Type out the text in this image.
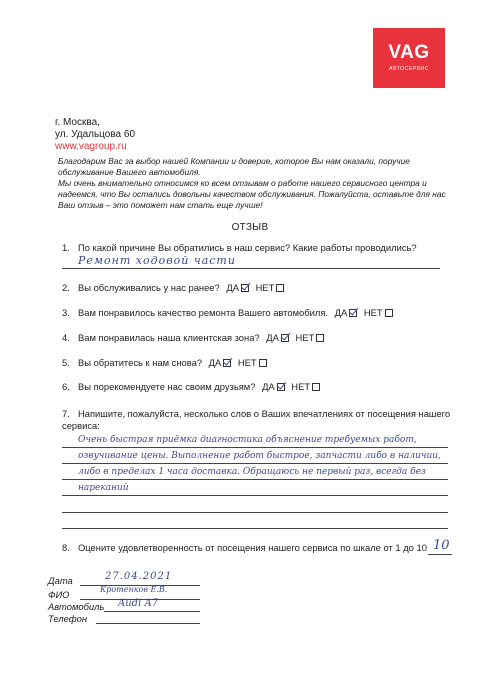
VAG
АВТОСЕРВИС
г. Москва,
ул. Удальцова 60
www.vagroup.ru
Благодарим Вас за выбор нашей Компании и доверие, которое Вы нам оказали, поручие обслуживание Вашего автомобиля.
Мы очень внимательно относимся ко всем отзывам о работе нашего сервисного центра и надеемся, что Вы остались довольны качеством обслуживания. Пожалуйста, оставьте для нас Ваш отзыв – это поможет нам стать еще лучше!
ОТЗЫВ
1. По какой причине Вы обратились в наш сервис? Какие работы проводились?
Ремонт ходовой части
2. Вы обслуживались у нас ранее? ДА НЕТ
3. Вам понравилось качество ремонта Вашего автомобиля. ДА НЕТ
4. Вам понравилась наша клиентская зона? ДА НЕТ
5. Вы обратитесь к нам снова? ДА НЕТ
6. Вы порекомендуете нас своим друзьям? ДА НЕТ
7. Напишите, пожалуйста, несколько слов о Ваших впечатлениях от посещения нашего сервиса:
Очень быстрая приёмка диагностика объяснение требуемых работ, озвучивание цены. Выполнение работ быстрое, запчасти либо в наличии, либо в пределах 1 часа доставка. Обращаюсь не первый раз, всегда без нареканий
8. Оцените удовлетворенность от посещения нашего сервиса по шкале от 1 до 10 10
Дата	27.04.2021
ФИО	Кротенков Е.В.
Автомобиль Audi A7
Телефон
